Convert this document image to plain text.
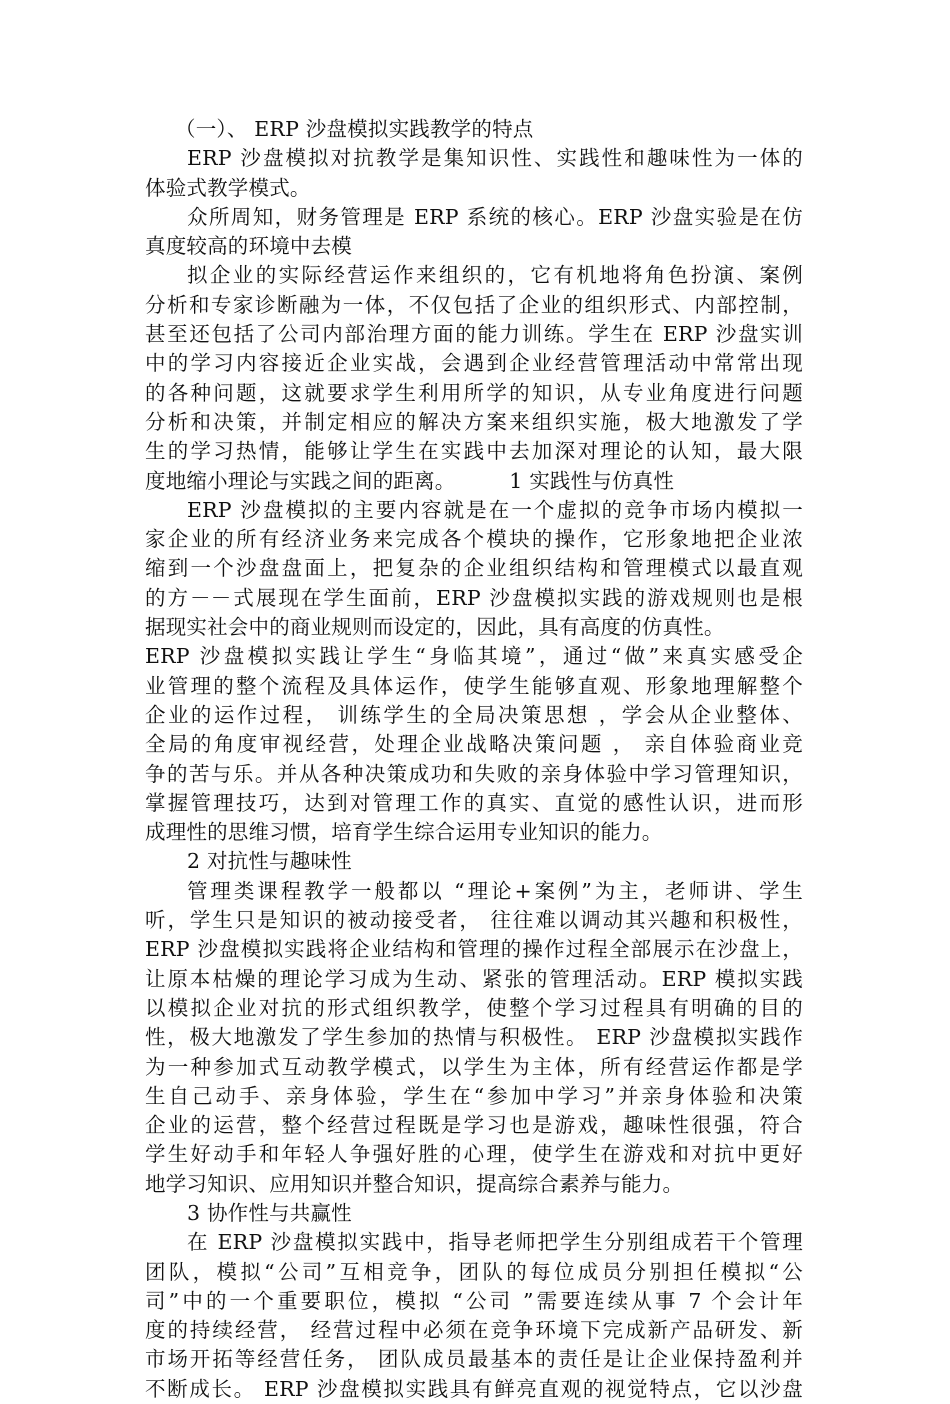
（一）、 ERP 沙盘模拟实践教学的特点
ERP 沙盘模拟对抗教学是集知识性、实践性和趣味性为一体的
体验式教学模式。
众所周知，财务管理是 ERP 系统的核心。ERP 沙盘实验是在仿
真度较高的环境中去模
拟企业的实际经营运作来组织的，它有机地将角色扮演、案例
分析和专家诊断融为一体，不仅包括了企业的组织形式、内部控制，
甚至还包括了公司内部治理方面的能力训练。学生在 ERP 沙盘实训
中的学习内容接近企业实战，会遇到企业经营管理活动中常常出现
的各种问题，这就要求学生利用所学的知识，从专业角度进行问题
分析和决策，并制定相应的解决方案来组织实施，极大地激发了学
生的学习热情，能够让学生在实践中去加深对理论的认知，最大限
度地缩小理论与实践之间的距离。        1 实践性与仿真性
ERP 沙盘模拟的主要内容就是在一个虚拟的竞争市场内模拟一
家企业的所有经济业务来完成各个模块的操作，它形象地把企业浓
缩到一个沙盘盘面上，把复杂的企业组织结构和管理模式以最直观
的方－－式展现在学生面前，ERP 沙盘模拟实践的游戏规则也是根
据现实社会中的商业规则而设定的，因此，具有高度的仿真性。
ERP 沙盘模拟实践让学生“身临其境”，通过“做”来真实感受企
业管理的整个流程及具体运作，使学生能够直观、形象地理解整个
企业的运作过程， 训练学生的全局决策思想 ，学会从企业整体、
全局的角度审视经营，处理企业战略决策问题 ， 亲自体验商业竞
争的苦与乐。并从各种决策成功和失败的亲身体验中学习管理知识，
掌握管理技巧，达到对管理工作的真实、直觉的感性认识，进而形
成理性的思维习惯，培育学生综合运用专业知识的能力。
2 对抗性与趣味性
管理类课程教学一般都以 “理论+案例”为主，老师讲、学生
听，学生只是知识的被动接受者， 往往难以调动其兴趣和积极性，
ERP 沙盘模拟实践将企业结构和管理的操作过程全部展示在沙盘上，
让原本枯燥的理论学习成为生动、紧张的管理活动。ERP 模拟实践
以模拟企业对抗的形式组织教学，使整个学习过程具有明确的目的
性，极大地激发了学生参加的热情与积极性。 ERP 沙盘模拟实践作
为一种参加式互动教学模式，以学生为主体，所有经营运作都是学
生自己动手、亲身体验，学生在“参加中学习”并亲身体验和决策
企业的运营，整个经营过程既是学习也是游戏，趣味性很强，符合
学生好动手和年轻人争强好胜的心理，使学生在游戏和对抗中更好
地学习知识、应用知识并整合知识，提高综合素养与能力。
3 协作性与共赢性
在 ERP 沙盘模拟实践中，指导老师把学生分别组成若干个管理
团队，模拟“公司”互相竞争，团队的每位成员分别担任模拟“公
司”中的一个重要职位，模拟 “公司 ”需要连续从事 7 个会计年
度的持续经营， 经营过程中必须在竞争环境下完成新产品研发、新
市场开拓等经营任务， 团队成员最基本的责任是让企业保持盈利并
不断成长。 ERP 沙盘模拟实践具有鲜亮直观的视觉特点，它以沙盘
